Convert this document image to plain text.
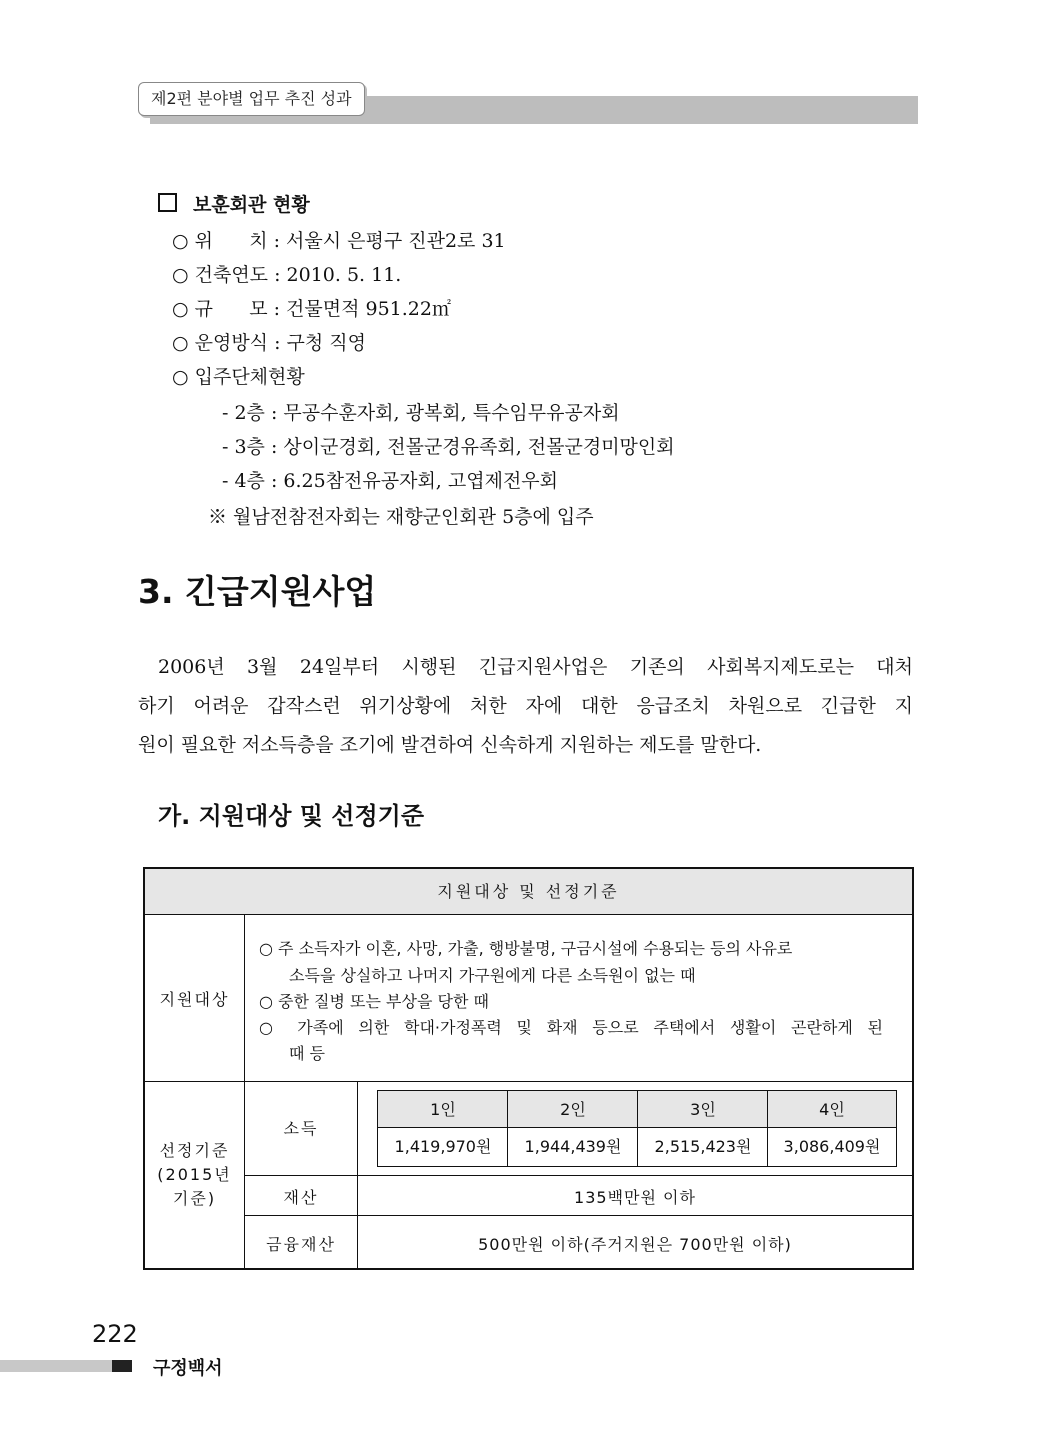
제2편 분야별 업무 추진 성과
보훈회관 현황
○ 위      치 : 서울시 은평구 진관2로 31
○ 건축연도 : 2010. 5. 11.
○ 규      모 : 건물면적 951.22㎡
○ 운영방식 : 구청 직영
○ 입주단체현황
- 2층 : 무공수훈자회, 광복회, 특수임무유공자회
- 3층 : 상이군경회, 전몰군경유족회, 전몰군경미망인회
- 4층 : 6.25참전유공자회, 고엽제전우회
※ 월남전참전자회는 재향군인회관 5층에 입주
3. 긴급지원사업
2006년 3월 24일부터 시행된 긴급지원사업은 기존의 사회복지제도로는 대처
하기 어려운 갑작스런 위기상황에 처한 자에 대한 응급조치 차원으로 긴급한 지
원이 필요한 저소득층을 조기에 발견하여 신속하게 지원하는 제도를 말한다.
가. 지원대상 및 선정기준
지원대상 및 선정기준
지원대상
○ 주 소득자가 이혼, 사망, 가출, 행방불명, 구금시설에 수용되는 등의 사유로
소득을 상실하고 나머지 가구원에게 다른 소득원이 없는 때
○ 중한 질병 또는 부상을 당한 때
○ 가족에 의한 학대·가정폭력 및 화재 등으로 주택에서 생활이 곤란하게 된
때 등
선정기준
(2015년
기준)
소득
1인	2인	3인	4인
1,419,970원	1,944,439원	2,515,423원	3,086,409원
재산	135백만원 이하
금융재산	500만원 이하(주거지원은 700만원 이하)
222
구정백서
